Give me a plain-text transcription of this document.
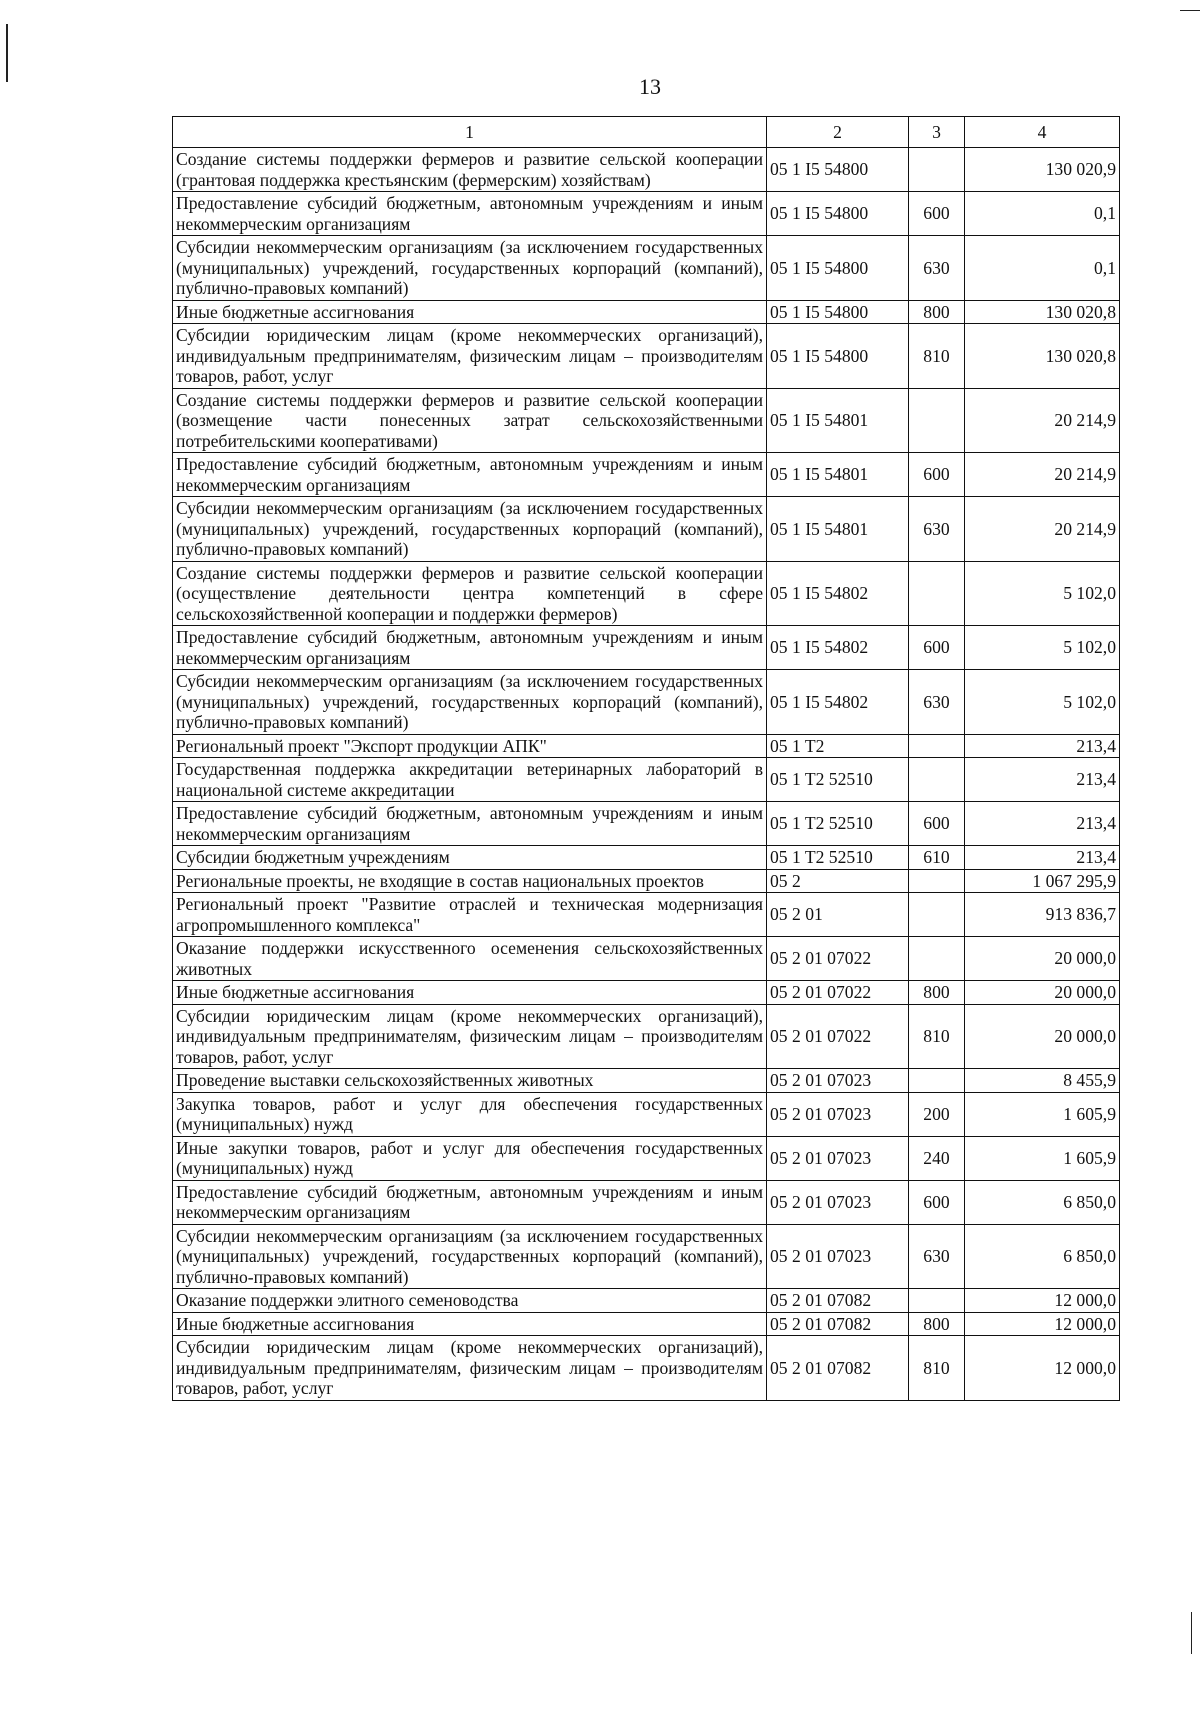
13
1	2	3	4
Создание системы поддержки фермеров и развитие сельской кооперации (грантовая поддержка крестьянским (фермерским) хозяйствам)	05 1 I5 54800		130 020,9
Предоставление субсидий бюджетным, автономным учреждениям и иным некоммерческим организациям	05 1 I5 54800	600	0,1
Субсидии некоммерческим организациям (за исключением государственных (муниципальных) учреждений, государственных корпораций (компаний), публично-правовых компаний)	05 1 I5 54800	630	0,1
Иные бюджетные ассигнования	05 1 I5 54800	800	130 020,8
Субсидии юридическим лицам (кроме некоммерческих организаций), индивидуальным предпринимателям, физическим лицам – производителям товаров, работ, услуг	05 1 I5 54800	810	130 020,8
Создание системы поддержки фермеров и развитие сельской кооперации (возмещение части понесенных затрат сельскохозяйственными потребительскими кооперативами)	05 1 I5 54801		20 214,9
Предоставление субсидий бюджетным, автономным учреждениям и иным некоммерческим организациям	05 1 I5 54801	600	20 214,9
Субсидии некоммерческим организациям (за исключением государственных (муниципальных) учреждений, государственных корпораций (компаний), публично-правовых компаний)	05 1 I5 54801	630	20 214,9
Создание системы поддержки фермеров и развитие сельской кооперации (осуществление деятельности центра компетенций в сфере сельскохозяйственной кооперации и поддержки фермеров)	05 1 I5 54802		5 102,0
Предоставление субсидий бюджетным, автономным учреждениям и иным некоммерческим организациям	05 1 I5 54802	600	5 102,0
Субсидии некоммерческим организациям (за исключением государственных (муниципальных) учреждений, государственных корпораций (компаний), публично-правовых компаний)	05 1 I5 54802	630	5 102,0
Региональный проект "Экспорт продукции АПК"	05 1 T2		213,4
Государственная поддержка аккредитации ветеринарных лабораторий в национальной системе аккредитации	05 1 T2 52510		213,4
Предоставление субсидий бюджетным, автономным учреждениям и иным некоммерческим организациям	05 1 T2 52510	600	213,4
Субсидии бюджетным учреждениям	05 1 T2 52510	610	213,4
Региональные проекты, не входящие в состав национальных проектов	05 2		1 067 295,9
Региональный проект "Развитие отраслей и техническая модернизация агропромышленного комплекса"	05 2 01		913 836,7
Оказание поддержки искусственного осеменения сельскохозяйственных животных	05 2 01 07022		20 000,0
Иные бюджетные ассигнования	05 2 01 07022	800	20 000,0
Субсидии юридическим лицам (кроме некоммерческих организаций), индивидуальным предпринимателям, физическим лицам – производителям товаров, работ, услуг	05 2 01 07022	810	20 000,0
Проведение выставки сельскохозяйственных животных	05 2 01 07023		8 455,9
Закупка товаров, работ и услуг для обеспечения государственных (муниципальных) нужд	05 2 01 07023	200	1 605,9
Иные закупки товаров, работ и услуг для обеспечения государственных (муниципальных) нужд	05 2 01 07023	240	1 605,9
Предоставление субсидий бюджетным, автономным учреждениям и иным некоммерческим организациям	05 2 01 07023	600	6 850,0
Субсидии некоммерческим организациям (за исключением государственных (муниципальных) учреждений, государственных корпораций (компаний), публично-правовых компаний)	05 2 01 07023	630	6 850,0
Оказание поддержки элитного семеноводства	05 2 01 07082		12 000,0
Иные бюджетные ассигнования	05 2 01 07082	800	12 000,0
Субсидии юридическим лицам (кроме некоммерческих организаций), индивидуальным предпринимателям, физическим лицам – производителям товаров, работ, услуг	05 2 01 07082	810	12 000,0
